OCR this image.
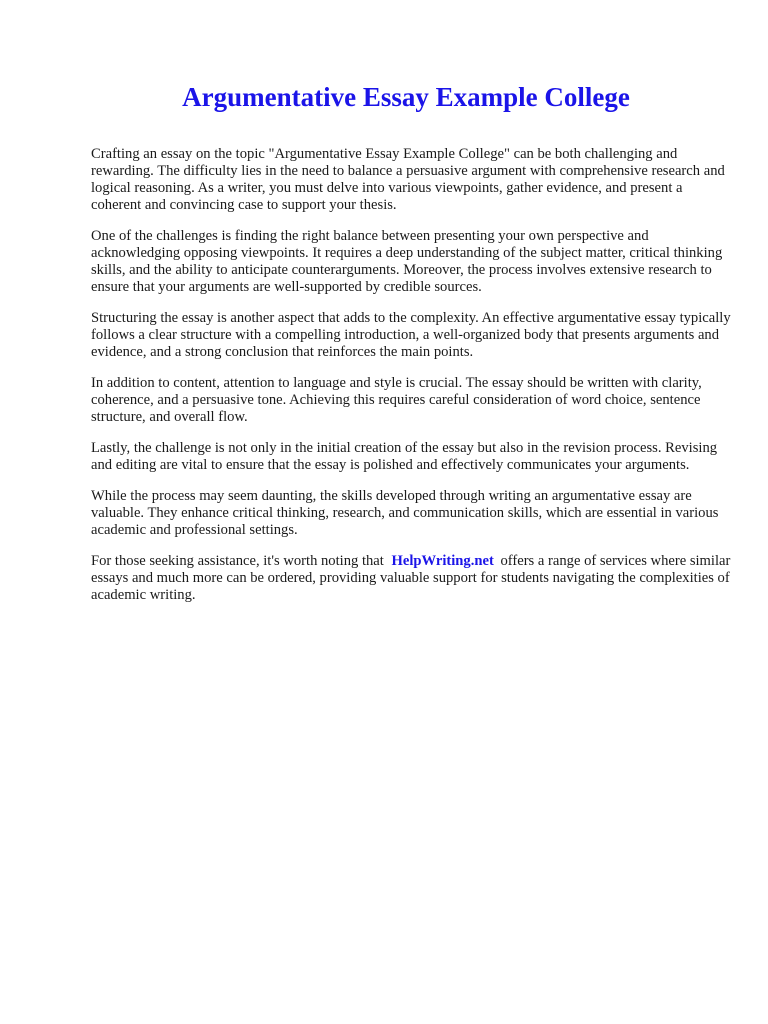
Argumentative Essay Example College

Crafting an essay on the topic "Argumentative Essay Example College" can be both challenging and rewarding. The difficulty lies in the need to balance a persuasive argument with comprehensive research and logical reasoning. As a writer, you must delve into various viewpoints, gather evidence, and present a coherent and convincing case to support your thesis.

One of the challenges is finding the right balance between presenting your own perspective and acknowledging opposing viewpoints. It requires a deep understanding of the subject matter, critical thinking skills, and the ability to anticipate counterarguments. Moreover, the process involves extensive research to ensure that your arguments are well-supported by credible sources.

Structuring the essay is another aspect that adds to the complexity. An effective argumentative essay typically follows a clear structure with a compelling introduction, a well-organized body that presents arguments and evidence, and a strong conclusion that reinforces the main points.

In addition to content, attention to language and style is crucial. The essay should be written with clarity, coherence, and a persuasive tone. Achieving this requires careful consideration of word choice, sentence structure, and overall flow.

Lastly, the challenge is not only in the initial creation of the essay but also in the revision process. Revising and editing are vital to ensure that the essay is polished and effectively communicates your arguments.

While the process may seem daunting, the skills developed through writing an argumentative essay are valuable. They enhance critical thinking, research, and communication skills, which are essential in various academic and professional settings.

For those seeking assistance, it's worth noting that HelpWriting.net offers a range of services where similar essays and much more can be ordered, providing valuable support for students navigating the complexities of academic writing.
